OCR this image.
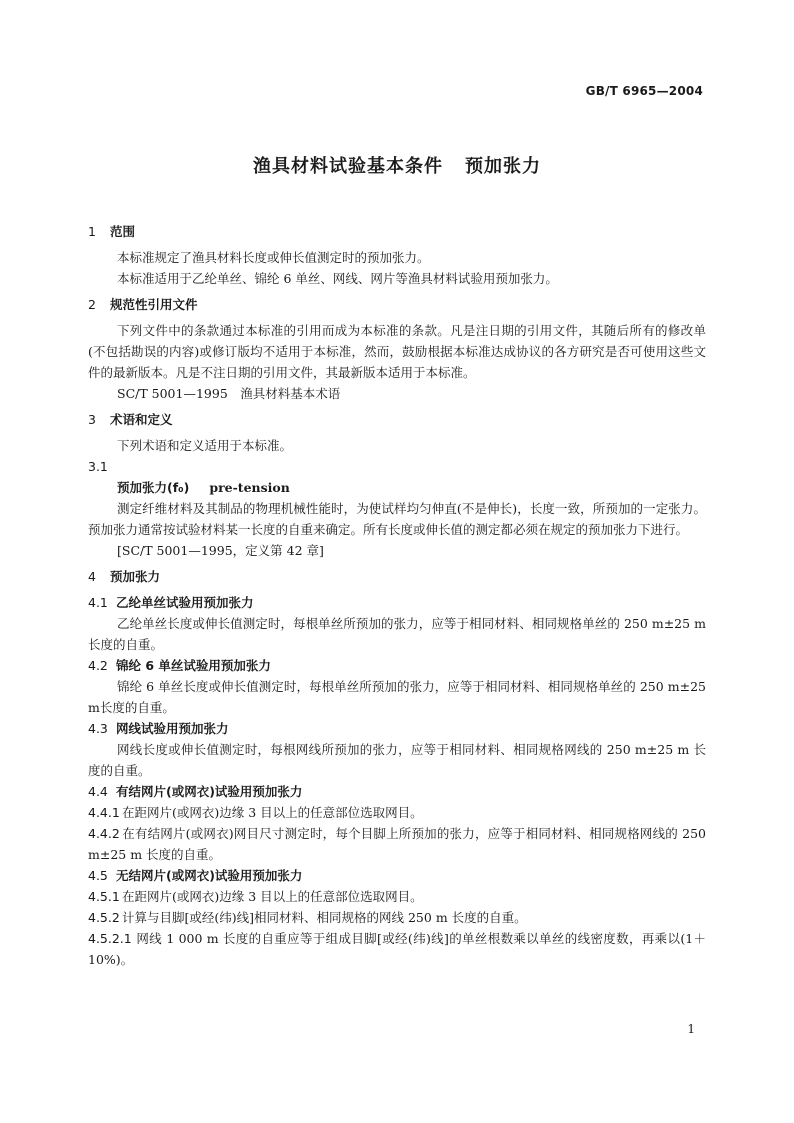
GB/T 6965—2004
渔具材料试验基本条件 预加张力
1 范围
本标准规定了渔具材料长度或伸长值测定时的预加张力。
本标准适用于乙纶单丝、锦纶 6 单丝、网线、网片等渔具材料试验用预加张力。
2 规范性引用文件
下列文件中的条款通过本标准的引用而成为本标准的条款。凡是注日期的引用文件，其随后所有的修改单(不包括勘误的内容)或修订版均不适用于本标准，然而，鼓励根据本标准达成协议的各方研究是否可使用这些文件的最新版本。凡是不注日期的引用文件，其最新版本适用于本标准。
SC/T 5001—1995　渔具材料基本术语
3 术语和定义
下列术语和定义适用于本标准。
3.1
预加张力(f₀) pre-tension
测定纤维材料及其制品的物理机械性能时，为使试样均匀伸直(不是伸长)，长度一致，所预加的一定张力。预加张力通常按试验材料某一长度的自重来确定。所有长度或伸长值的测定都必须在规定的预加张力下进行。
[SC/T 5001—1995，定义第 42 章]
4 预加张力
4.1 乙纶单丝试验用预加张力
乙纶单丝长度或伸长值测定时，每根单丝所预加的张力，应等于相同材料、相同规格单丝的 250 m±25 m长度的自重。
4.2 锦纶 6 单丝试验用预加张力
锦纶 6 单丝长度或伸长值测定时，每根单丝所预加的张力，应等于相同材料、相同规格单丝的 250 m±25 m长度的自重。
4.3 网线试验用预加张力
网线长度或伸长值测定时，每根网线所预加的张力，应等于相同材料、相同规格网线的 250 m±25 m 长度的自重。
4.4 有结网片(或网衣)试验用预加张力
4.4.1 在距网片(或网衣)边缘 3 目以上的任意部位选取网目。
4.4.2 在有结网片(或网衣)网目尺寸测定时，每个目脚上所预加的张力，应等于相同材料、相同规格网线的 250 m±25 m 长度的自重。
4.5 无结网片(或网衣)试验用预加张力
4.5.1 在距网片(或网衣)边缘 3 目以上的任意部位选取网目。
4.5.2 计算与目脚[或经(纬)线]相同材料、相同规格的网线 250 m 长度的自重。
4.5.2.1 网线 1 000 m 长度的自重应等于组成目脚[或经(纬)线]的单丝根数乘以单丝的线密度数，再乘以(1＋10%)。
1
